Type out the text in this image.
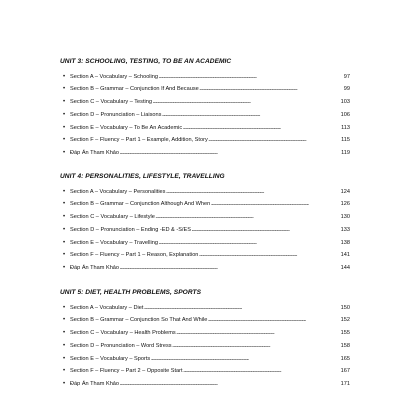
UNIT 3: SCHOOLING, TESTING, TO BE AN ACADEMIC
• Section A – Vocabulary – Schooling . . .	97
• Section B – Grammar – Conjunction If And Because . . .	99
• Section C – Vocabulary – Testing . . .	103
• Section D – Pronunciation – Liaisons . . .	106
• Section E – Vocabulary – To Be An Academic . . .	113
• Section F – Fluency – Part 1 – Example, Addition, Story . . .	115
• Đáp Án Tham Khảo . . .	119
UNIT 4: PERSONALITIES, LIFESTYLE, TRAVELLING
• Section A – Vocabulary – Personalities . . .	124
• Section B – Grammar – Conjunction Although And When . . .	126
• Section C – Vocabulary – Lifestyle . . .	130
• Section D – Pronunciation – Ending -ED & -S/ES . . .	133
• Section E – Vocabulary – Travelling . . .	138
• Section F – Fluency – Part 1 – Reason, Explanation . . .	141
• Đáp Án Tham Khảo . . .	144
UNIT 5: DIET, HEALTH PROBLEMS, SPORTS
• Section A – Vocabulary – Diet . . .	150
• Section B – Grammar – Conjunction So That And While . . .	152
• Section C – Vocabulary – Health Problems . . .	155
• Section D – Pronunciation – Word Stress . . .	158
• Section E – Vocabulary – Sports . . .	165
• Section F – Fluency – Part 2 – Opposite Start . . .	167
• Đáp Án Tham Khảo . . .	171
